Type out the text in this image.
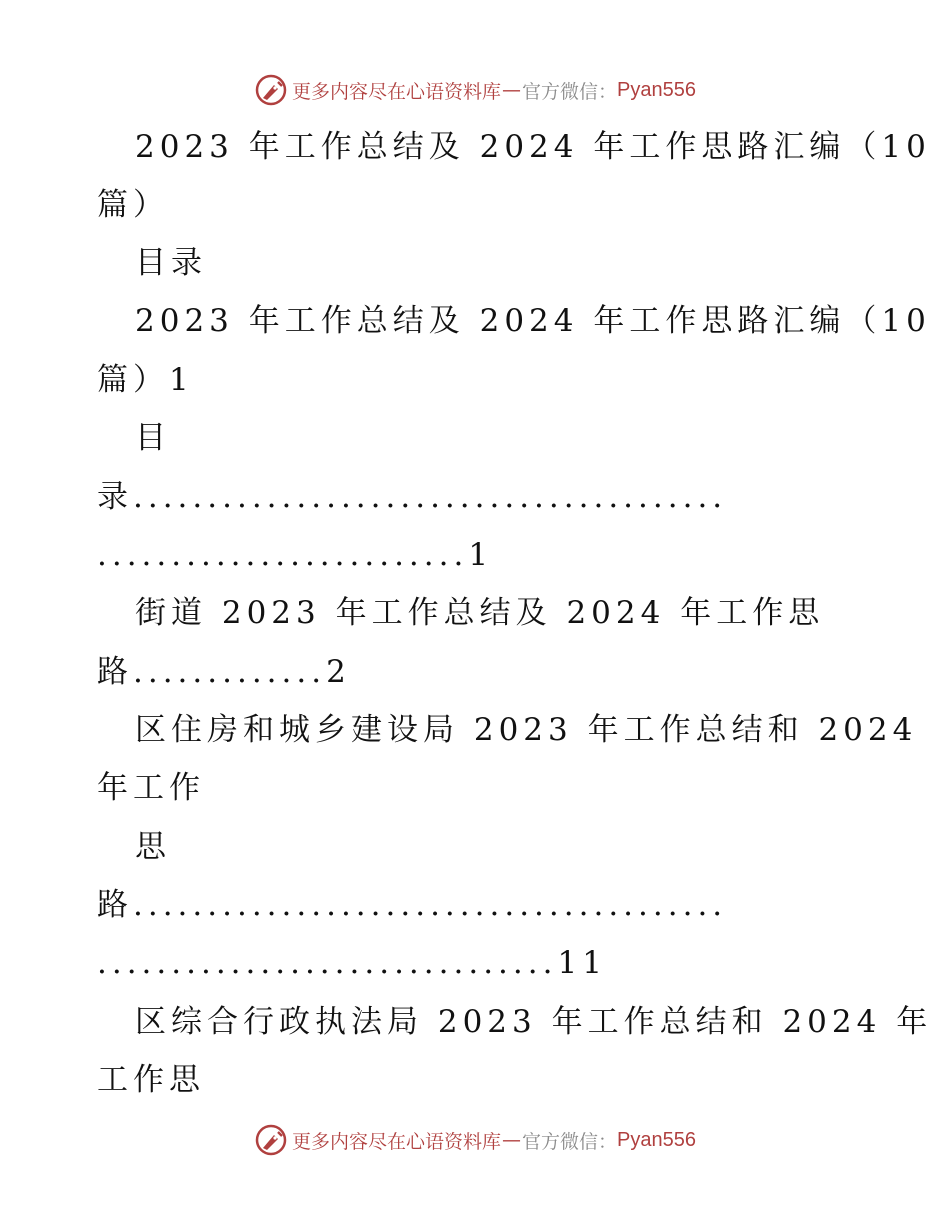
更多内容尽在心语资料库 — 官方微信： Pyan556
2023 年工作总结及 2024 年工作思路汇编（10
篇）
目录
2023 年工作总结及 2024 年工作思路汇编（10
篇）1
目
录........................................
.........................1
街道 2023 年工作总结及 2024 年工作思
路.............2
区住房和城乡建设局 2023 年工作总结和 2024
年工作
思
路........................................
...............................11
区综合行政执法局 2023 年工作总结和 2024 年
工作思
更多内容尽在心语资料库 — 官方微信： Pyan556
